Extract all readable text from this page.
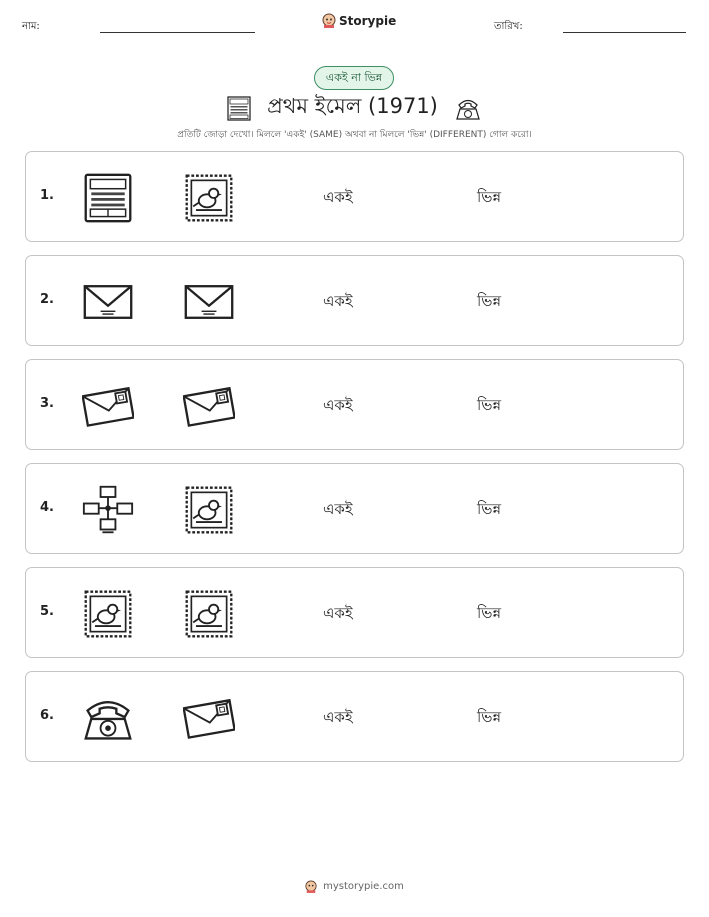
নাম:	Storypie	তারিখ:
একই না ভিন্ন
প্রথম ইমেল (1971)
প্রতিটি জোড়া দেখো। মিললে 'একই' (SAME) অথবা না মিললে 'ভিন্ন' (DIFFERENT) গোল করো।
1.	একই	ভিন্ন
2.	একই	ভিন্ন
3.	একই	ভিন্ন
4.	একই	ভিন্ন
5.	একই	ভিন্ন
6.	একই	ভিন্ন
mystorypie.com
